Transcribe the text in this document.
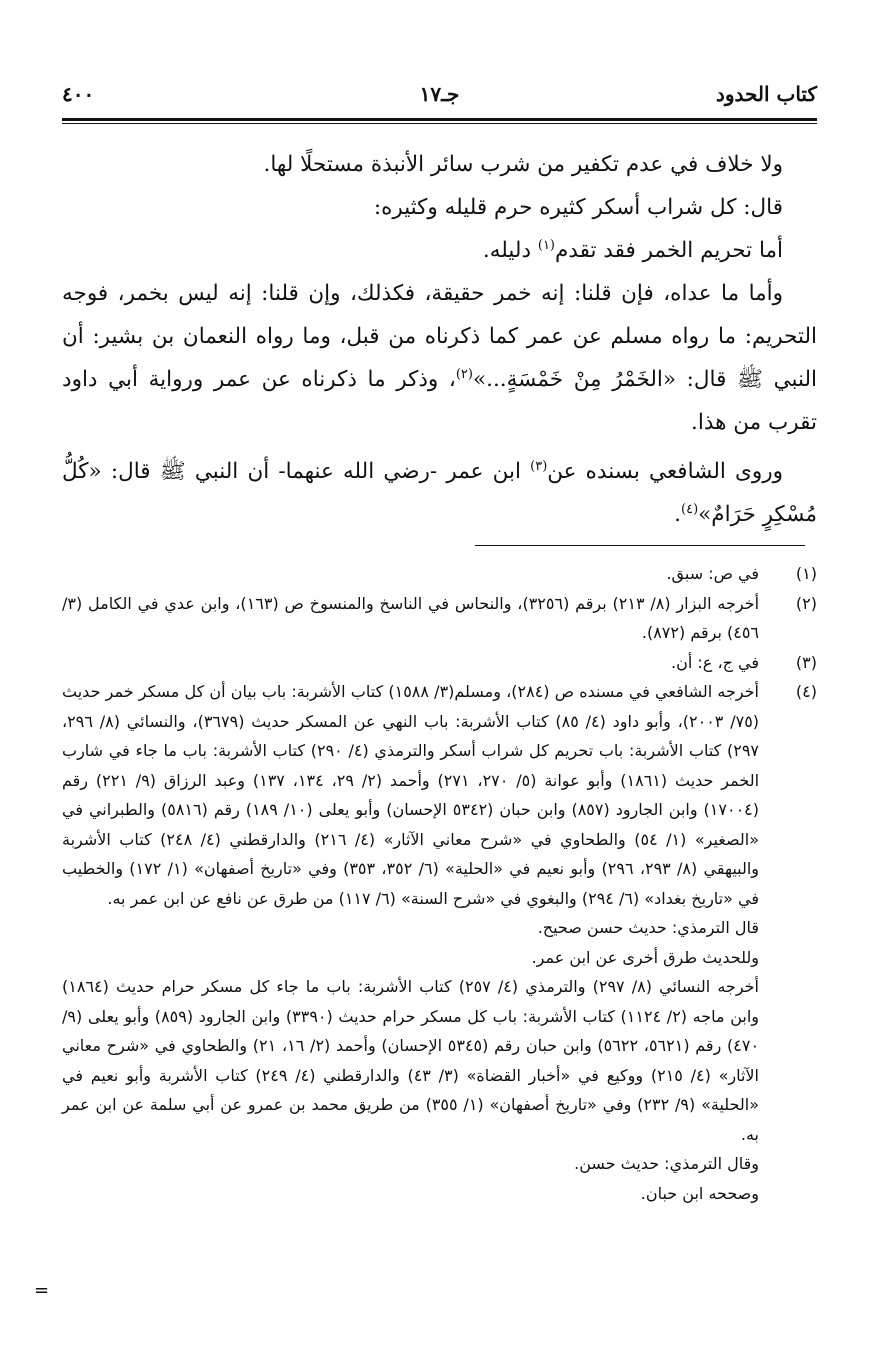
كتاب الحدود
جـ١٧
٤٠٠

ولا خلاف في عدم تكفير من شرب سائر الأنبذة مستحلًا لها.

قال: كل شراب أسكر كثيره حرم قليله وكثيره:

أما تحريم الخمر فقد تقدم$^{(١)}$ دليله.

وأما ما عداه، فإن قلنا: إنه خمر حقيقة، فكذلك، وإن قلنا: إنه ليس بخمر، فوجه التحريم: ما رواه مسلم عن عمر كما ذكرناه من قبل، وما رواه النعمان بن بشير: أن النبي ﷺ قال: «الخَمْرُ مِنْ خَمْسَةٍ...»$^{(٢)}$، وذكر ما ذكرناه عن عمر ورواية أبي داود تقرب من هذا.

وروى الشافعي بسنده عن$^{(٣)}$ ابن عمر -رضي الله عنهما- أن النبي ﷺ قال: «كُلُّ مُسْكِرٍ حَرَامٌ»$^{(٤)}$.

(١)

في ص: سبق.

(٢)

أخرجه البزار (٨/ ٢١٣) برقم (٣٢٥٦)، والنحاس في الناسخ والمنسوخ ص (١٦٣)، وابن عدي في الكامل (٣/ ٤٥٦) برقم (٨٧٢).

(٣)

في ج، ع: أن.

(٤)

أخرجه الشافعي في مسنده ص (٢٨٤)، ومسلم(٣/ ١٥٨٨) كتاب الأشربة: باب بيان أن كل مسكر خمر حديث (٧٥/ ٢٠٠٣)، وأبو داود (٤/ ٨٥) كتاب الأشربة: باب النهي عن المسكر حديث (٣٦٧٩)، والنسائي (٨/ ٢٩٦، ٢٩٧) كتاب الأشربة: باب تحريم كل شراب أسكر والترمذي (٤/ ٢٩٠) كتاب الأشربة: باب ما جاء في شارب الخمر حديث (١٨٦١) وأبو عوانة (٥/ ٢٧٠، ٢٧١) وأحمد (٢/ ٢٩، ١٣٤، ١٣٧) وعبد الرزاق (٩/ ٢٢١) رقم (١٧٠٠٤) وابن الجارود (٨٥٧) وابن حبان (٥٣٤٢ الإحسان) وأبو يعلى (١٠/ ١٨٩) رقم (٥٨١٦) والطبراني في «الصغير» (١/ ٥٤) والطحاوي في «شرح معاني الآثار» (٤/ ٢١٦) والدارقطني (٤/ ٢٤٨) كتاب الأشربة والبيهقي (٨/ ٢٩٣، ٢٩٦) وأبو نعيم في «الحلية» (٦/ ٣٥٢، ٣٥٣) وفي «تاريخ أصفهان» (١/ ١٧٢) والخطيب في «تاريخ بغداد» (٦/ ٢٩٤) والبغوي في «شرح السنة» (٦/ ١١٧) من طرق عن نافع عن ابن عمر به.

قال الترمذي: حديث حسن صحيح.

وللحديث طرق أخرى عن ابن عمر.

أخرجه النسائي (٨/ ٢٩٧) والترمذي (٤/ ٢٥٧) كتاب الأشربة: باب ما جاء كل مسكر حرام حديث (١٨٦٤) وابن ماجه (٢/ ١١٢٤) كتاب الأشربة: باب كل مسكر حرام حديث (٣٣٩٠) وابن الجارود (٨٥٩) وأبو يعلى (٩/ ٤٧٠) رقم (٥٦٢١، ٥٦٢٢) وابن حبان رقم (٥٣٤٥ الإحسان) وأحمد (٢/ ١٦، ٢١) والطحاوي في «شرح معاني الآثار» (٤/ ٢١٥) ووكيع في «أخبار القضاة» (٣/ ٤٣) والدارقطني (٤/ ٢٤٩) كتاب الأشربة وأبو نعيم في «الحلية» (٩/ ٢٣٢) وفي «تاريخ أصفهان» (١/ ٣٥٥) من طريق محمد بن عمرو عن أبي سلمة عن ابن عمر به.

وقال الترمذي: حديث حسن.

وصححه ابن حبان.

=
